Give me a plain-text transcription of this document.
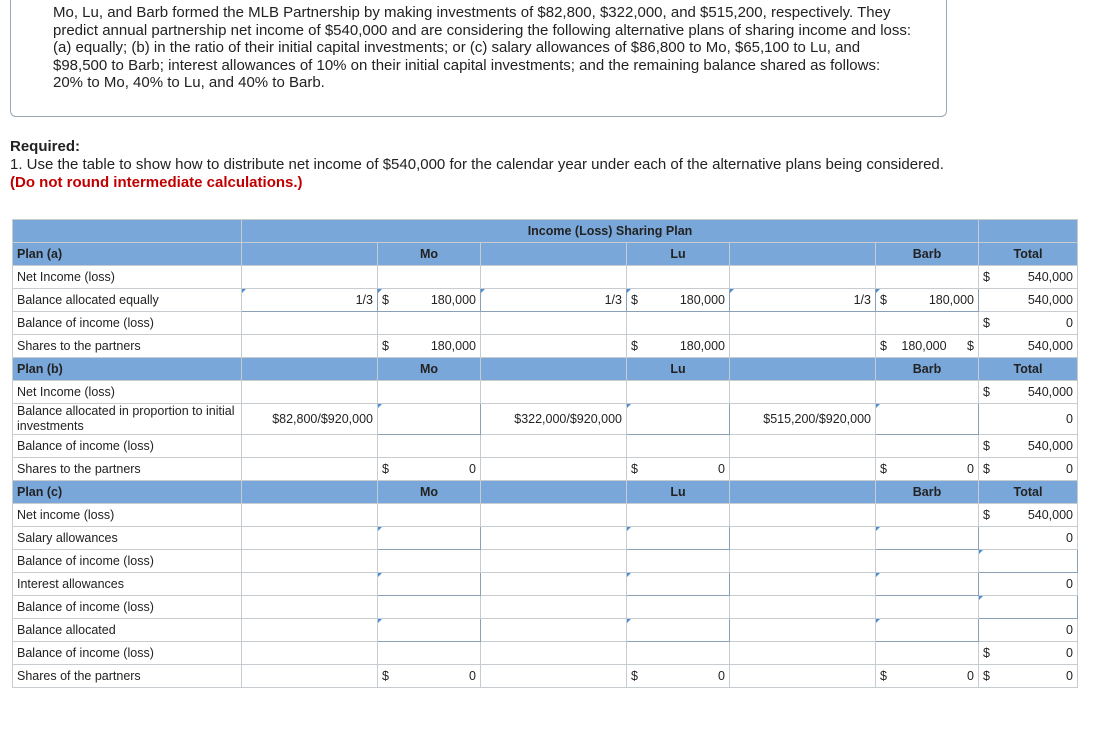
Mo, Lu, and Barb formed the MLB Partnership by making investments of $82,800, $322,000, and $515,200, respectively. They predict annual partnership net income of $540,000 and are considering the following alternative plans of sharing income and loss: (a) equally; (b) in the ratio of their initial capital investments; or (c) salary allowances of $86,800 to Mo, $65,100 to Lu, and $98,500 to Barb; interest allowances of 10% on their initial capital investments; and the remaining balance shared as follows: 20% to Mo, 40% to Lu, and 40% to Barb.

Required:
1. Use the table to show how to distribute net income of $540,000 for the calendar year under each of the alternative plans being considered. (Do not round intermediate calculations.)
	Income (Loss) Sharing Plan						
Plan (a)		Mo		Lu		Barb	Total
Net Income (loss)							$ 540,000

Balance allocated equally	1/3	$ 180,000	1/3	$ 180,000	1/3	$ 180,000	540,000
Balance of income (loss)							$ 0

Shares to the partners		$ 180,000		$ 180,000		$ 180,000 $	540,000
Plan (b)		Mo		Lu		Barb	Total
Net Income (loss)							$ 540,000

Balance allocated in proportion to initial investments	$82,800/$920,000		$322,000/$920,000		$515,200/$920,000		0
Balance of income (loss)							$ 540,000

Shares to the partners		$ 0		$ 0		$ 0	$ 0

Plan (c)		Mo		Lu		Barb	Total
Net income (loss)							$ 540,000

Salary allowances							0
Balance of income (loss)							
Interest allowances							0
Balance of income (loss)							
Balance allocated							0
Balance of income (loss)							$ 0

Shares of the partners		$ 0		$ 0		$ 0	$ 0
